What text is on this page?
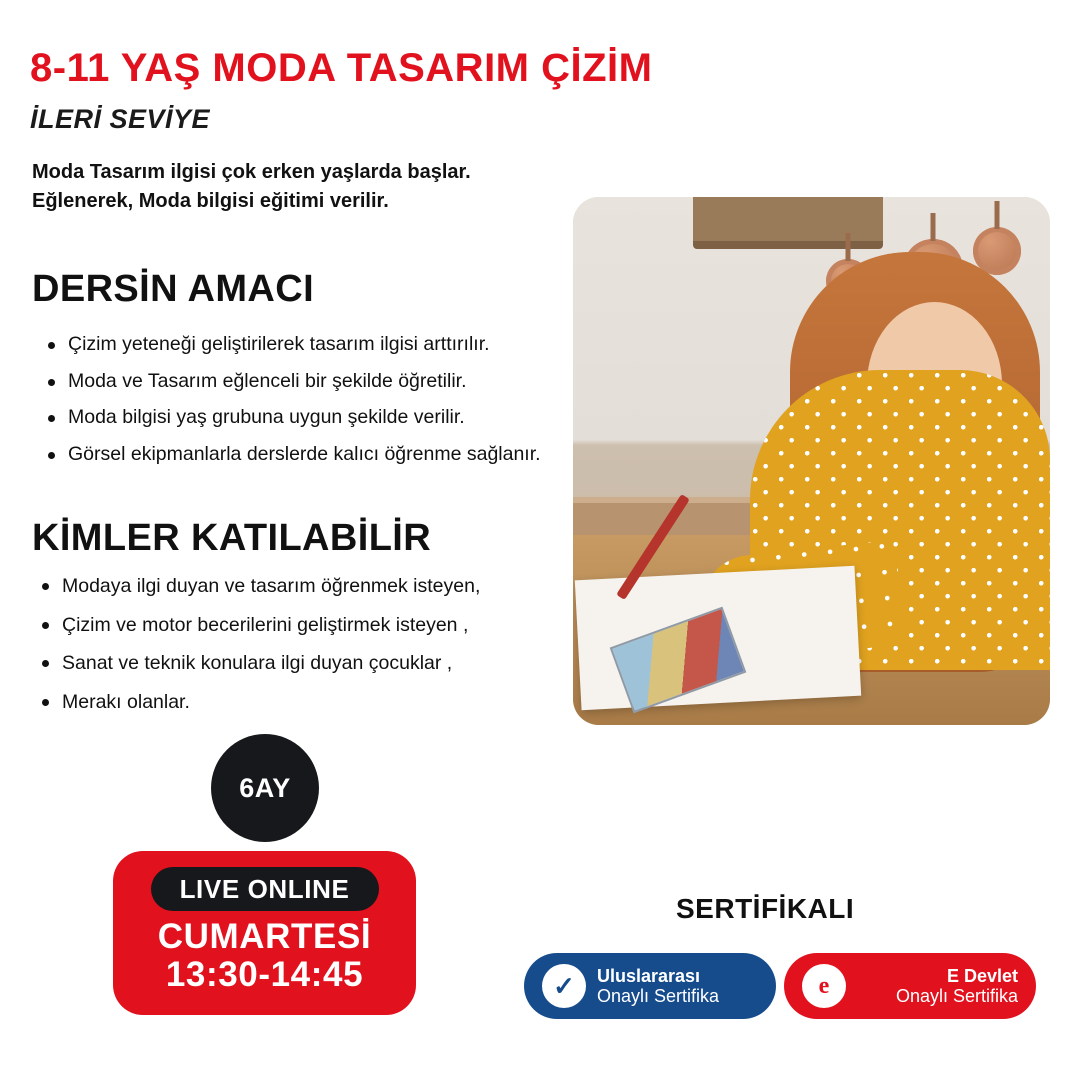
8-11 YAŞ MODA TASARIM ÇİZİM
İLERİ SEVİYE
Moda Tasarım ilgisi çok erken yaşlarda başlar.
Eğlenerek, Moda bilgisi eğitimi verilir.
DERSİN AMACI
Çizim yeteneği geliştirilerek tasarım ilgisi arttırılır.
Moda ve Tasarım eğlenceli bir şekilde öğretilir.
Moda bilgisi yaş grubuna uygun şekilde verilir.
Görsel ekipmanlarla derslerde kalıcı öğrenme sağlanır.
KİMLER KATILABİLİR
Modaya ilgi duyan ve tasarım öğrenmek isteyen,
Çizim ve motor becerilerini geliştirmek isteyen ,
Sanat ve teknik konulara ilgi duyan çocuklar ,
Merakı olanlar.
6AY
LIVE ONLINE
CUMARTESİ
13:30-14:45
SERTİFİKALI
✓ Uluslararası
Onaylı Sertifika	e	E Devlet
Onaylı Sertifika
